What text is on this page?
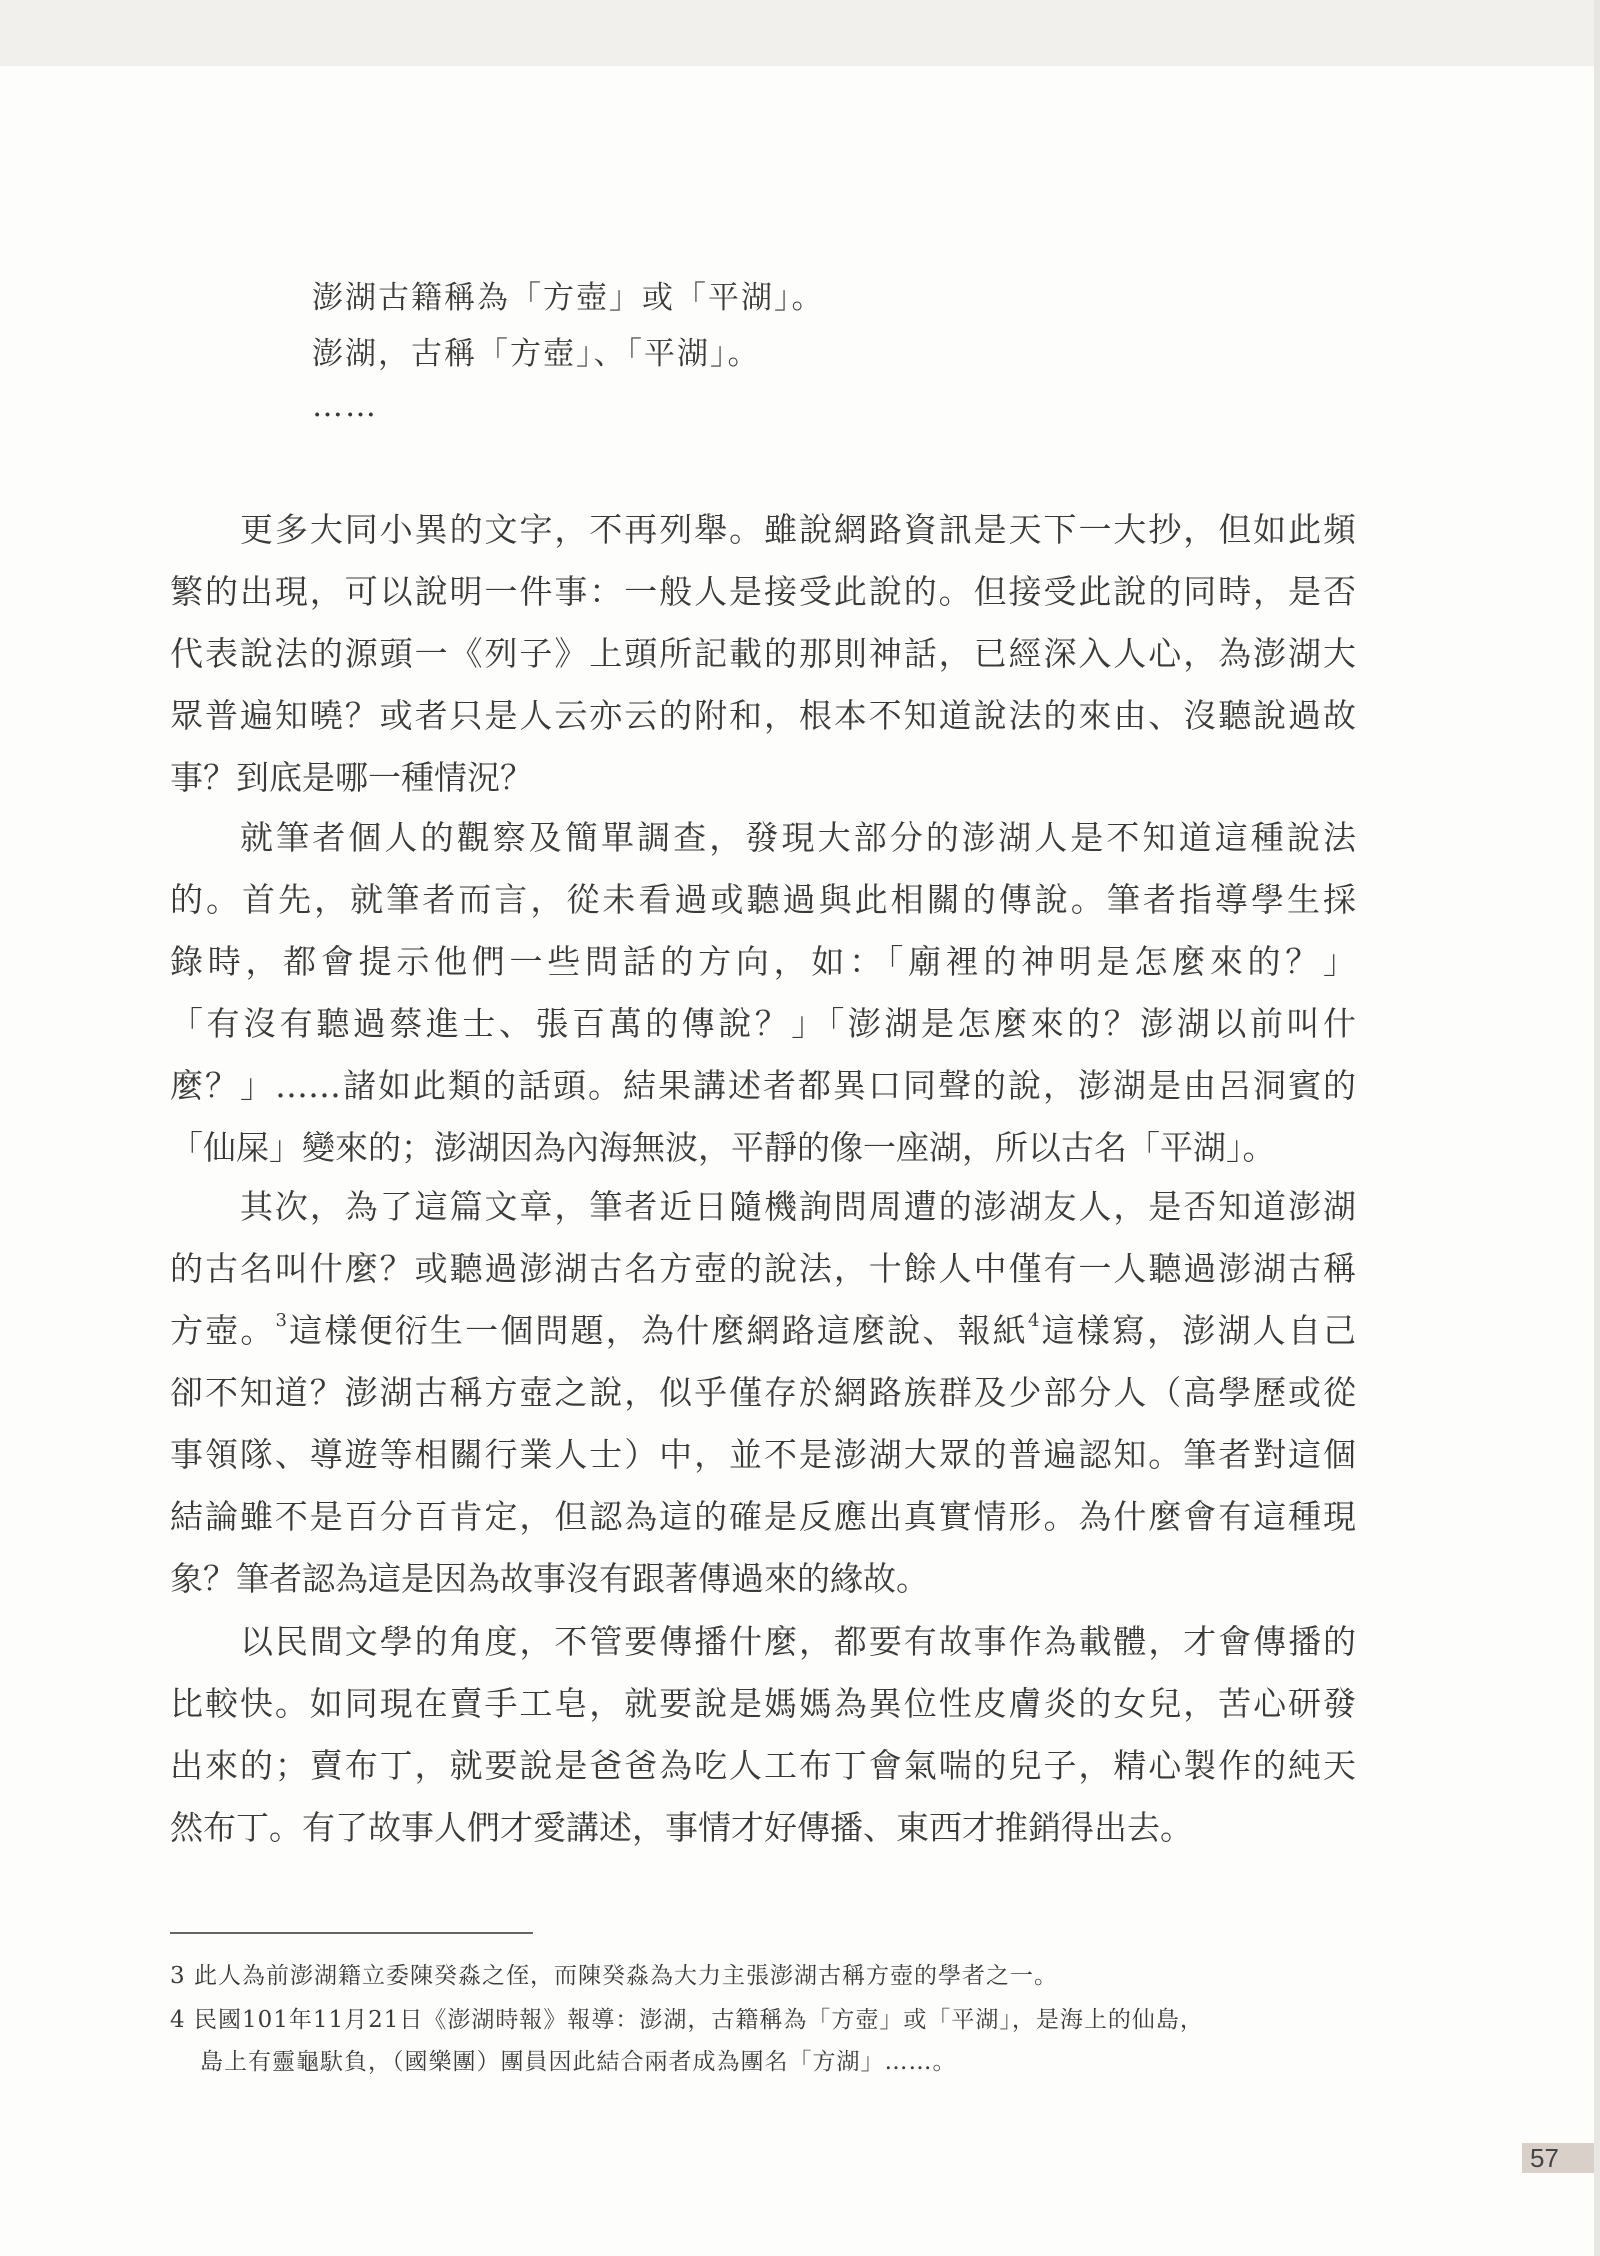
澎湖古籍稱為「方壺」或「平湖」。
澎湖，古稱「方壺」、「平湖」。
……
更多大同小異的文字，不再列舉。雖說網路資訊是天下一大抄，但如此頻
繁的出現，可以說明一件事：一般人是接受此說的。但接受此說的同時，是否
代表說法的源頭一《列子》上頭所記載的那則神話，已經深入人心，為澎湖大
眾普遍知曉？或者只是人云亦云的附和，根本不知道說法的來由、沒聽說過故
事？到底是哪一種情況？
就筆者個人的觀察及簡單調查，發現大部分的澎湖人是不知道這種說法
的。首先，就筆者而言，從未看過或聽過與此相關的傳說。筆者指導學生採
錄時，都會提示他們一些問話的方向，如：「廟裡的神明是怎麼來的？」
「有沒有聽過蔡進士、張百萬的傳說？」「澎湖是怎麼來的？澎湖以前叫什
麼？」……諸如此類的話頭。結果講述者都異口同聲的說，澎湖是由呂洞賓的
「仙屎」變來的；澎湖因為內海無波，平靜的像一座湖，所以古名「平湖」。
其次，為了這篇文章，筆者近日隨機詢問周遭的澎湖友人，是否知道澎湖
的古名叫什麼？或聽過澎湖古名方壺的說法，十餘人中僅有一人聽過澎湖古稱
方壺。$^3$這樣便衍生一個問題，為什麼網路這麼說、報紙$^4$這樣寫，澎湖人自己
卻不知道？澎湖古稱方壺之說，似乎僅存於網路族群及少部分人（高學歷或從
事領隊、導遊等相關行業人士）中，並不是澎湖大眾的普遍認知。筆者對這個
結論雖不是百分百肯定，但認為這的確是反應出真實情形。為什麼會有這種現
象？筆者認為這是因為故事沒有跟著傳過來的緣故。
以民間文學的角度，不管要傳播什麼，都要有故事作為載體，才會傳播的
比較快。如同現在賣手工皂，就要說是媽媽為異位性皮膚炎的女兒，苦心研發
出來的；賣布丁，就要說是爸爸為吃人工布丁會氣喘的兒子，精心製作的純天
然布丁。有了故事人們才愛講述，事情才好傳播、東西才推銷得出去。
3 此人為前澎湖籍立委陳癸淼之侄，而陳癸淼為大力主張澎湖古稱方壺的學者之一。
4 民國101年11月21日《澎湖時報》報導：澎湖，古籍稱為「方壺」或「平湖」，是海上的仙島，
島上有靈龜馱負，（國樂團）團員因此結合兩者成為團名「方湖」……。
57
